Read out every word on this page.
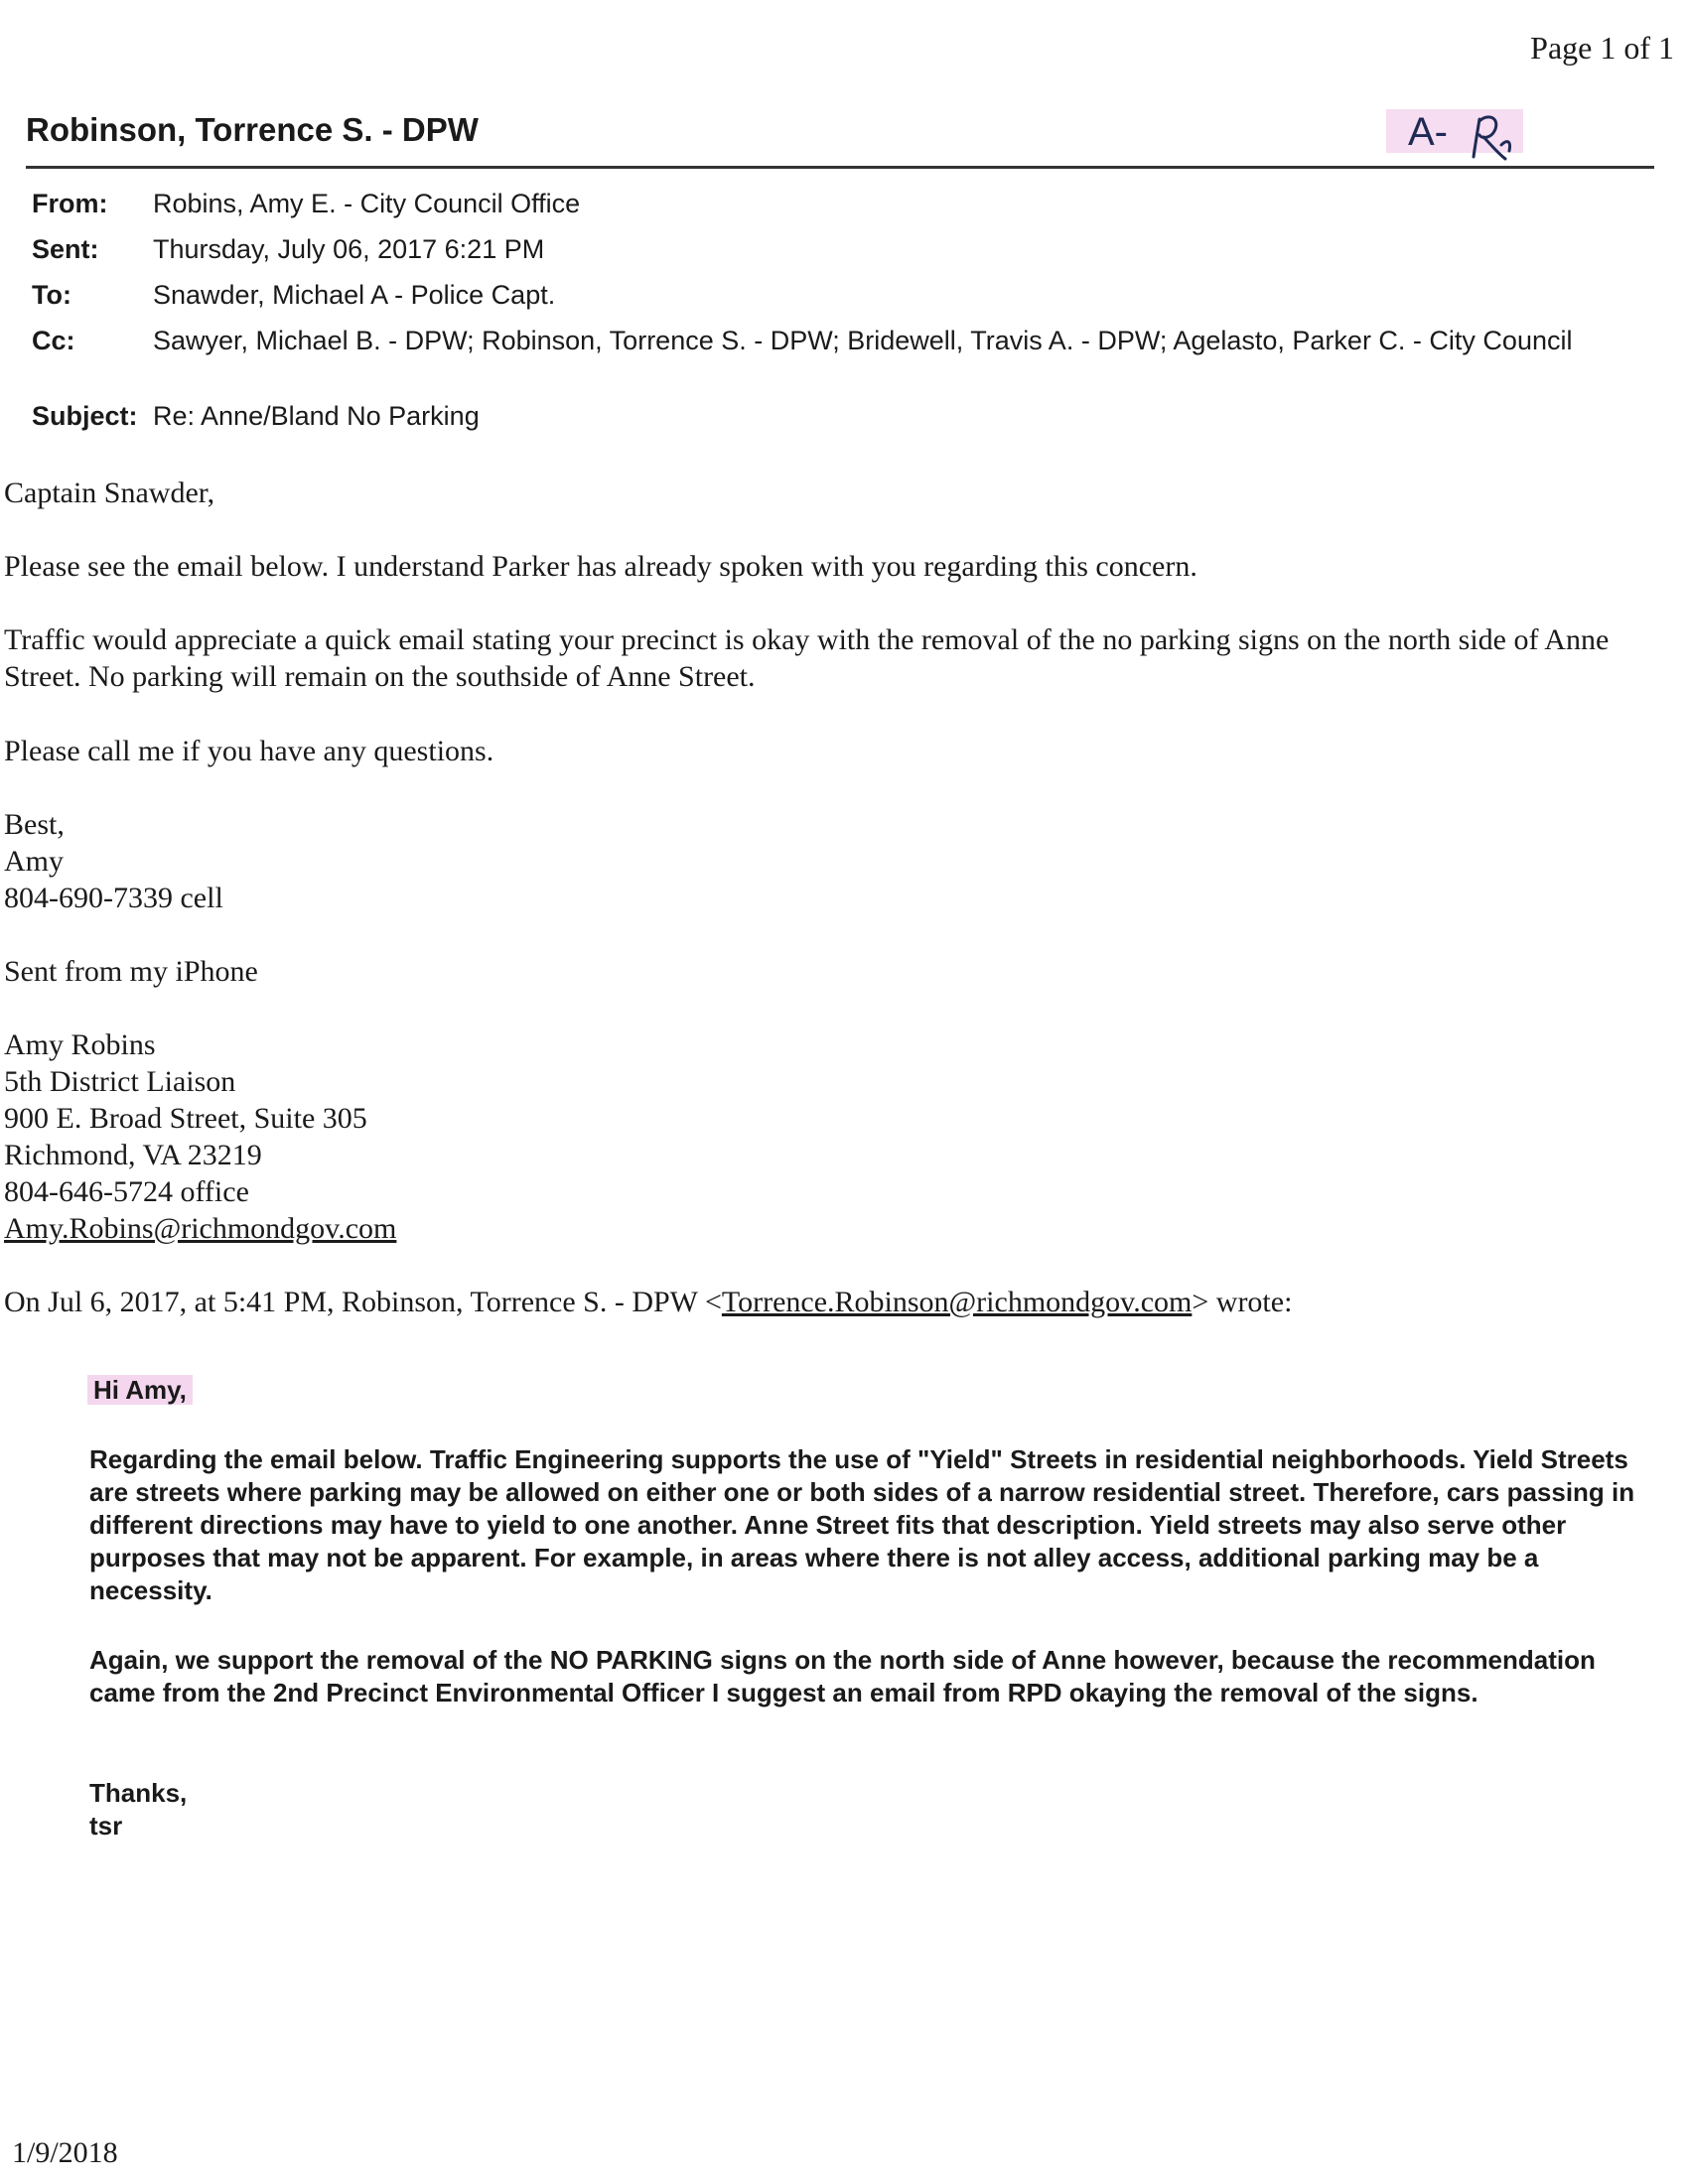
Page 1 of 1
Robinson, Torrence S. - DPW	A-
From:	Robins, Amy E. - City Council Office
Sent:	Thursday, July 06, 2017 6:21 PM
To:	Snawder, Michael A - Police Capt.
Cc:	Sawyer, Michael B. - DPW; Robinson, Torrence S. - DPW; Bridewell, Travis A. - DPW; Agelasto, Parker C. - City Council
Subject: Re: Anne/Bland No Parking
Captain Snawder,
Please see the email below. I understand Parker has already spoken with you regarding this concern.
Traffic would appreciate a quick email stating your precinct is okay with the removal of the no parking signs on the north side of Anne Street. No parking will remain on the southside of Anne Street.
Please call me if you have any questions.
Best,
Amy
804-690-7339 cell
Sent from my iPhone
Amy Robins
5th District Liaison
900 E. Broad Street, Suite 305
Richmond, VA 23219
804-646-5724 office
Amy.Robins@richmondgov.com
On Jul 6, 2017, at 5:41 PM, Robinson, Torrence S. - DPW <Torrence.Robinson@richmondgov.com> wrote:
Hi Amy,
Regarding the email below. Traffic Engineering supports the use of "Yield" Streets in residential neighborhoods. Yield Streets are streets where parking may be allowed on either one or both sides of a narrow residential street. Therefore, cars passing in different directions may have to yield to one another. Anne Street fits that description. Yield streets may also serve other purposes that may not be apparent. For example, in areas where there is not alley access, additional parking may be a necessity.
Again, we support the removal of the NO PARKING signs on the north side of Anne however, because the recommendation came from the 2nd Precinct Environmental Officer I suggest an email from RPD okaying the removal of the signs.
Thanks,
tsr
1/9/2018
